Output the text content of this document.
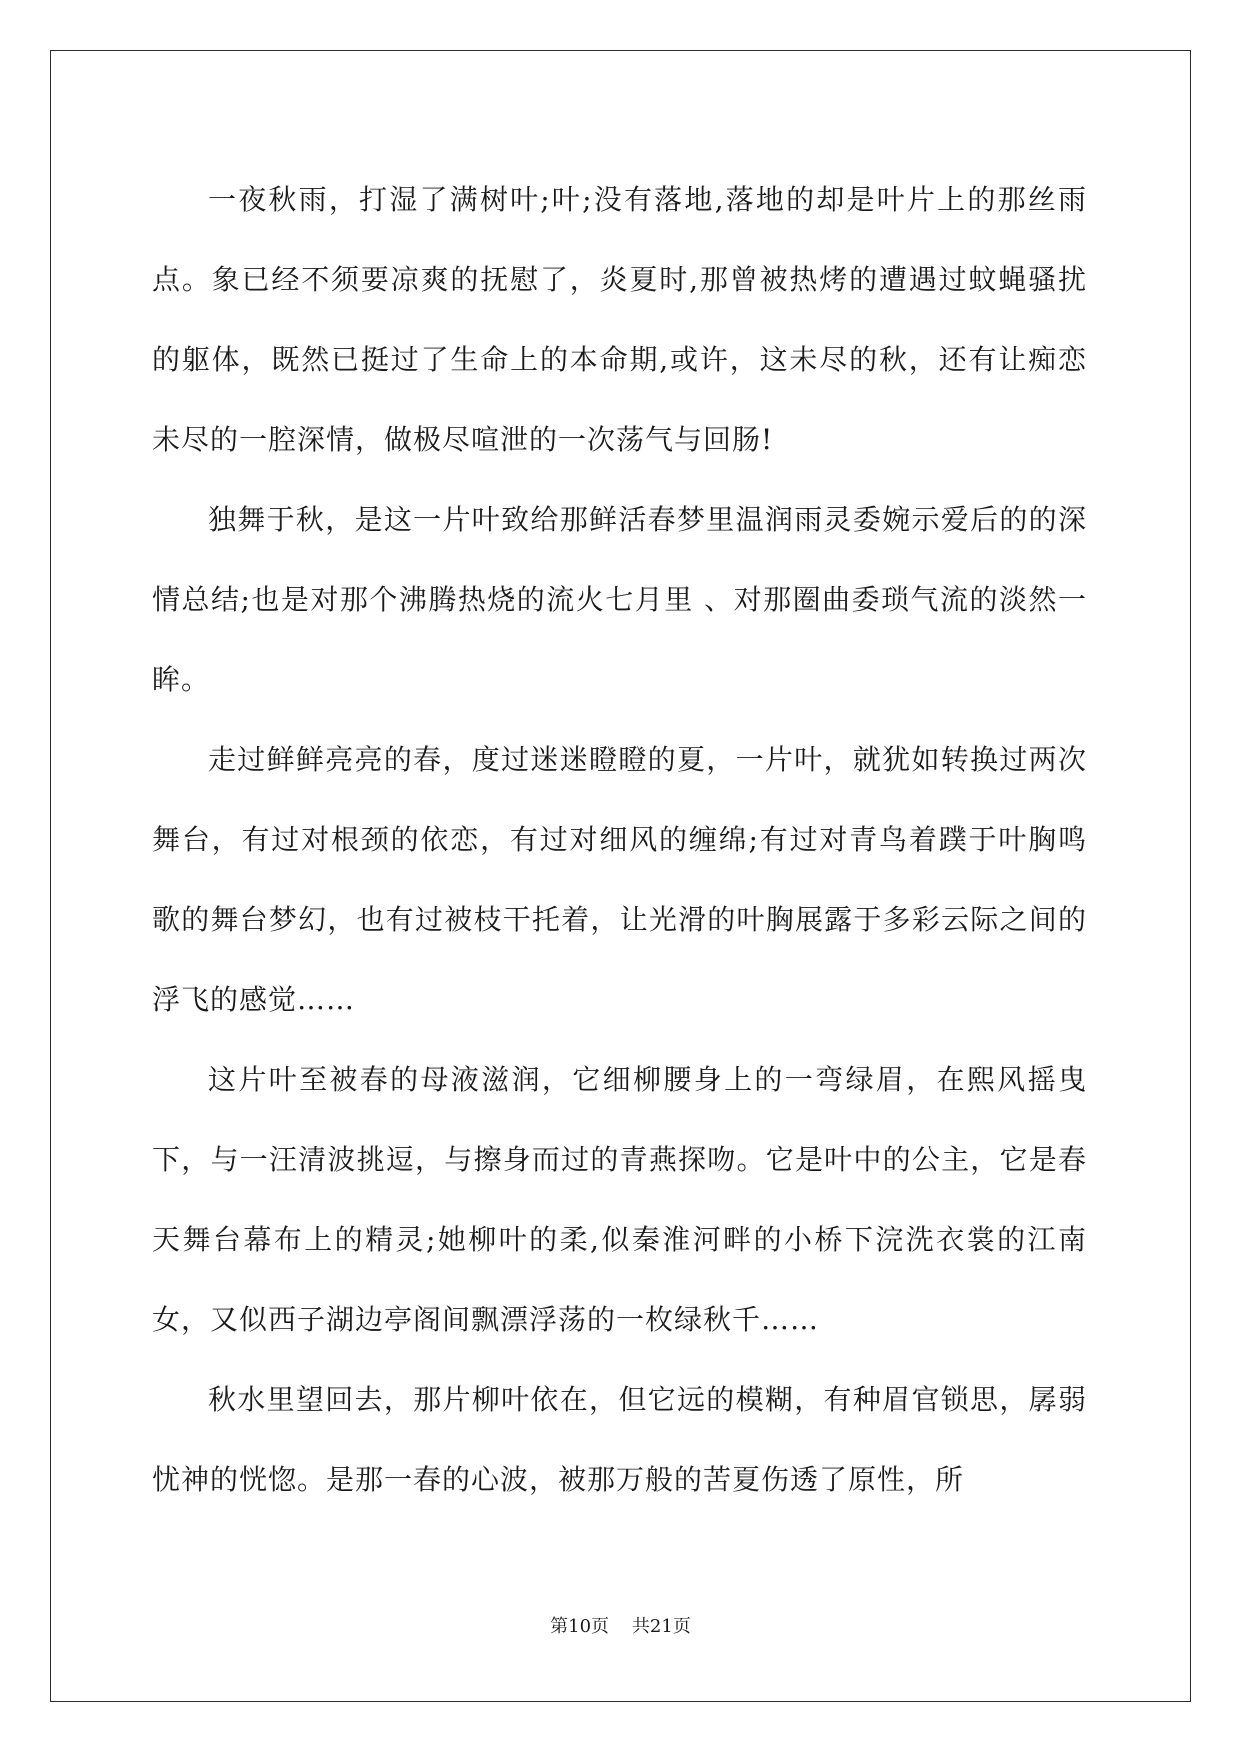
一夜秋雨，打湿了满树叶;叶;没有落地,落地的却是叶片上的那丝雨点。象已经不须要凉爽的抚慰了，炎夏时,那曾被热烤的遭遇过蚊蝇骚扰的躯体，既然已挺过了生命上的本命期,或许，这未尽的秋，还有让痴恋未尽的一腔深情，做极尽喧泄的一次荡气与回肠!

独舞于秋，是这一片叶致给那鲜活春梦里温润雨灵委婉示爱后的的深情总结;也是对那个沸腾热烧的流火七月里 、对那圈曲委琐气流的淡然一眸。

走过鲜鲜亮亮的春，度过迷迷瞪瞪的夏，一片叶，就犹如转换过两次舞台，有过对根颈的依恋，有过对细风的缠绵;有过对青鸟着蹼于叶胸鸣歌的舞台梦幻，也有过被枝干托着，让光滑的叶胸展露于多彩云际之间的浮飞的感觉……

这片叶至被春的母液滋润，它细柳腰身上的一弯绿眉，在熙风摇曳下，与一汪清波挑逗，与擦身而过的青燕探吻。它是叶中的公主，它是春天舞台幕布上的精灵;她柳叶的柔,似秦淮河畔的小桥下浣洗衣裳的江南女，又似西子湖边亭阁间飘漂浮荡的一枚绿秋千……

秋水里望回去，那片柳叶依在，但它远的模糊，有种眉官锁思，孱弱忧神的恍惚。是那一春的心波，被那万般的苦夏伤透了原性，所

第10页    共21页
